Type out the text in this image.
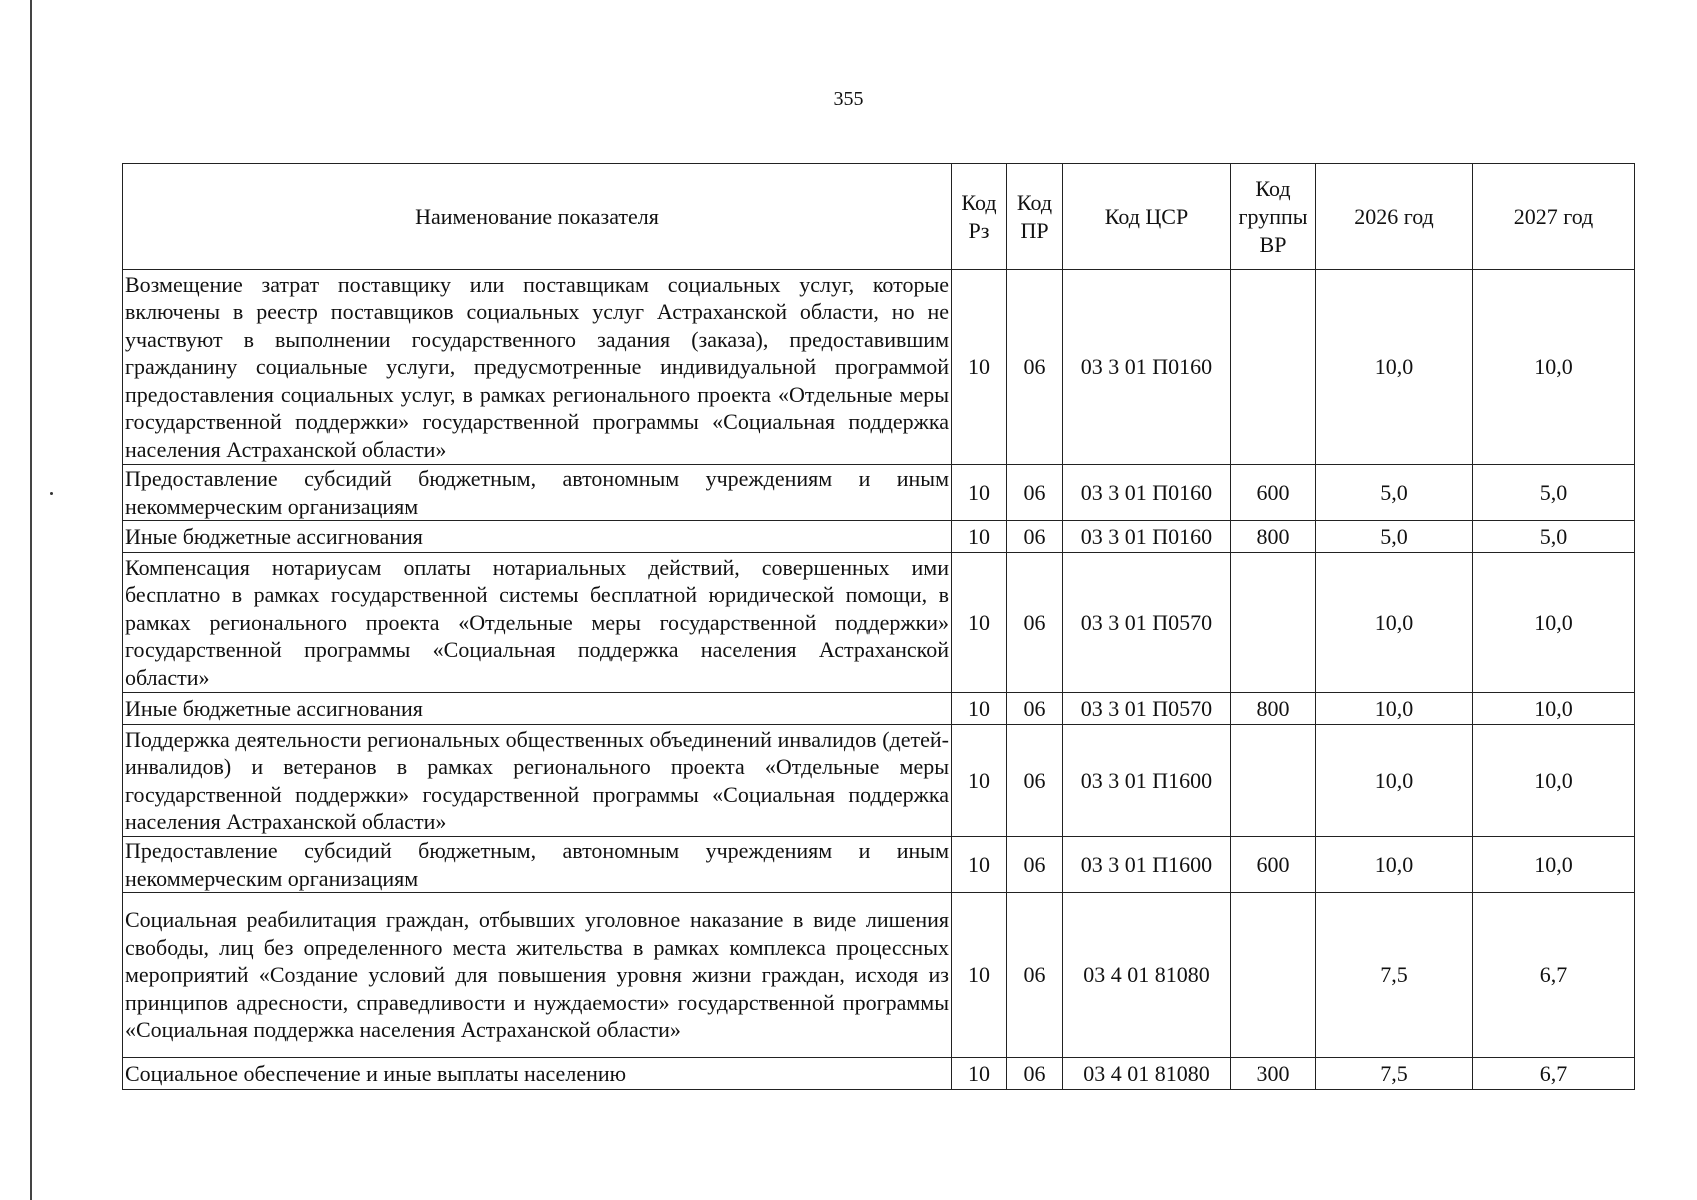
355
Наименование показателя	Код Рз	Код ПР	Код ЦСР	Код группы ВР	2026 год	2027 год
Возмещение затрат поставщику или поставщикам социальных услуг, которые включены в реестр поставщиков социальных услуг Астраханской области, но не участвуют в выполнении государственного задания (заказа), предоставившим гражданину социальные услуги, предусмотренные индивидуальной программой предоставления социальных услуг, в рамках регионального проекта «Отдельные меры государственной поддержки» государственной программы «Социальная поддержка населения Астраханской области»	10	06	03 3 01 П0160		10,0	10,0
Предоставление субсидий бюджетным, автономным учреждениям и иным некоммерческим организациям	10	06	03 3 01 П0160	600	5,0	5,0
Иные бюджетные ассигнования	10	06	03 3 01 П0160	800	5,0	5,0
Компенсация нотариусам оплаты нотариальных действий, совершенных ими бесплатно в рамках государственной системы бесплатной юридической помощи, в рамках регионального проекта «Отдельные меры государственной поддержки» государственной программы «Социальная поддержка населения Астраханской области»	10	06	03 3 01 П0570		10,0	10,0
Иные бюджетные ассигнования	10	06	03 3 01 П0570	800	10,0	10,0
Поддержка деятельности региональных общественных объединений инвалидов (детей-инвалидов) и ветеранов в рамках регионального проекта «Отдельные меры государственной поддержки» государственной программы «Социальная поддержка населения Астраханской области»	10	06	03 3 01 П1600		10,0	10,0
Предоставление субсидий бюджетным, автономным учреждениям и иным некоммерческим организациям	10	06	03 3 01 П1600	600	10,0	10,0
Социальная реабилитация граждан, отбывших уголовное наказание в виде лишения свободы, лиц без определенного места жительства в рамках комплекса процессных мероприятий «Создание условий для повышения уровня жизни граждан, исходя из принципов адресности, справедливости и нуждаемости» государственной программы «Социальная поддержка населения Астраханской области»	10	06	03 4 01 81080		7,5	6,7
Социальное обеспечение и иные выплаты населению	10	06	03 4 01 81080	300	7,5	6,7
